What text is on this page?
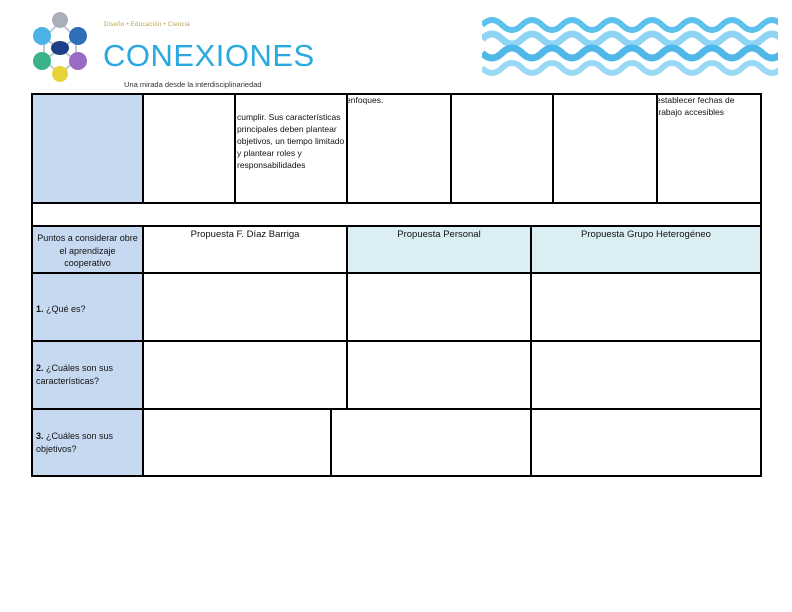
Diseño • Educación • Ciencia
CONEXIONES
Una mirada desde la interdisciplinariedad
enfoques.
cumplir. Sus características principales deben plantear objetivos, un tiempo limitado y plantear roles y responsabilidades
establecer fechas de trabajo accesibles
Puntos a considerar obre el aprendizaje cooperativo
Propuesta F. Díaz Barriga	Propuesta Personal	Propuesta Grupo Heterogéneo
1. ¿Qué es?
2. ¿Cuáles son sus características?
3. ¿Cuáles son sus objetivos?
